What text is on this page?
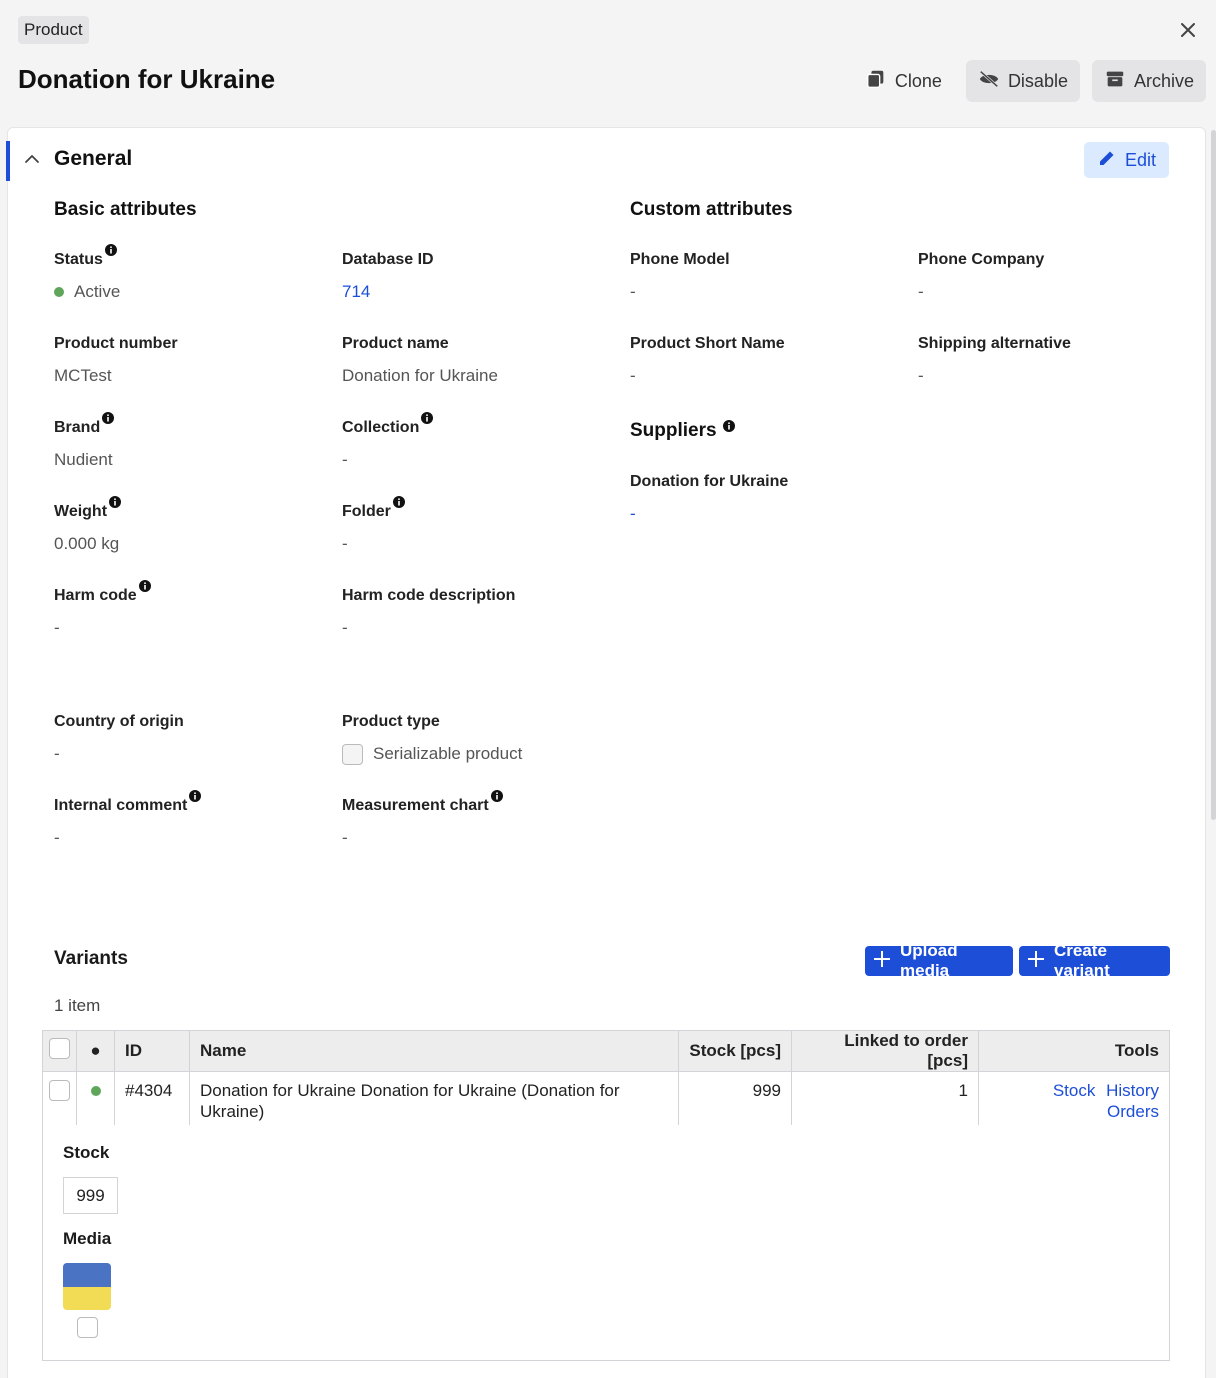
Product
Donation for Ukraine	Clone	Disable	Archive
General	Edit
Basic attributes	Custom attributes
Status
Active
Product number
MCTest
Brand
Nudient
Weight
0.000 kg
Harm code
-
Country of origin
-
Internal comment
-
Database ID
714
Product name
Donation for Ukraine
Collection
-
Folder
-
Harm code description
-
Product type
Serializable product
Measurement chart
-
Phone Model
-
Phone Company
-
Product Short Name
-
Shipping alternative
-
Suppliers
Donation for Ukraine
-
Variants
1 item
Upload media
Create variant
	●	ID	Name	Stock [pcs]	Linked to order [pcs]	Tools
		#4304	Donation for Ukraine Donation for Ukraine (Donation for Ukraine)	999	1	Stock History Orders
Stock
999
Media
